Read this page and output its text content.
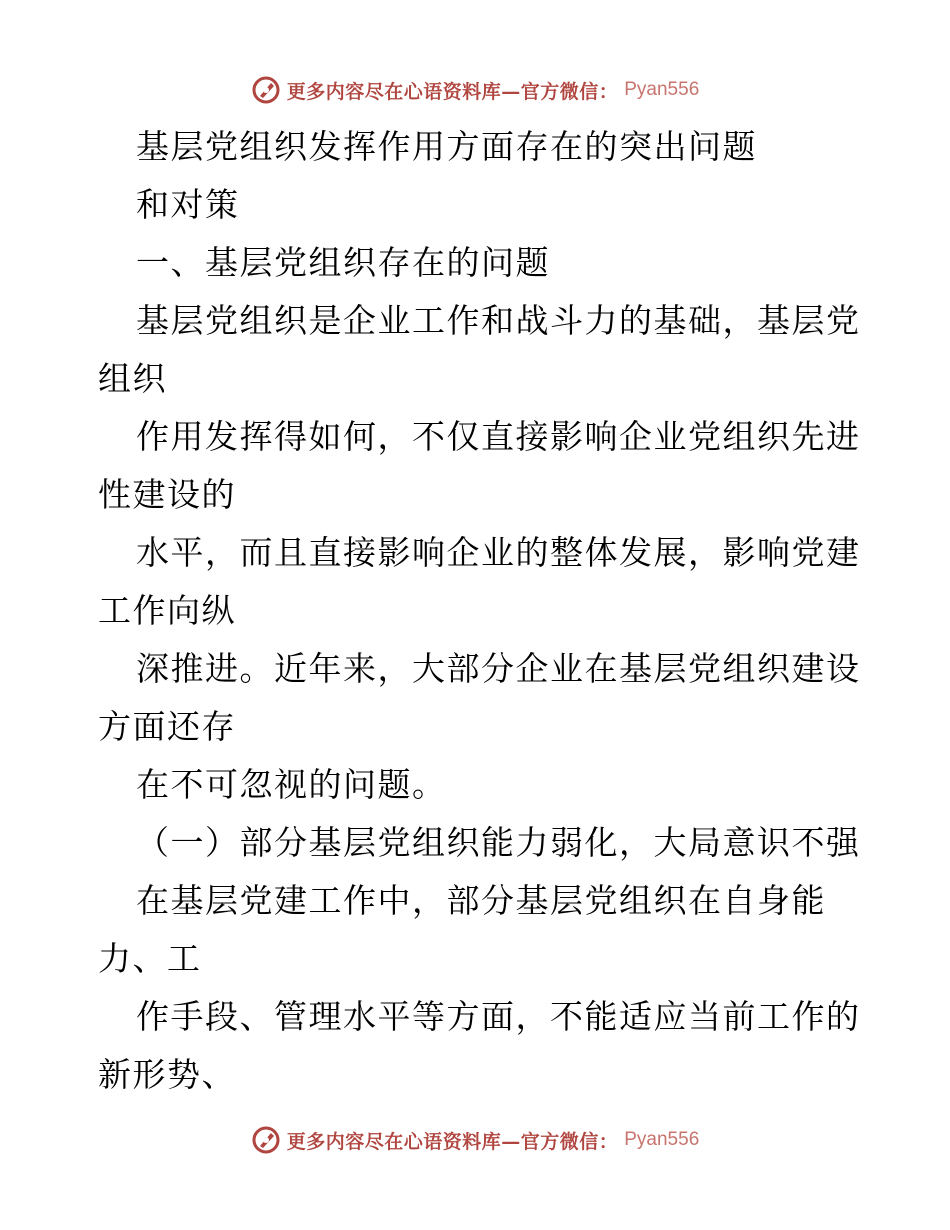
更多内容尽在心语资料库—官方微信： Pyan556
基层党组织发挥作用方面存在的突出问题
和对策
一、基层党组织存在的问题
基层党组织是企业工作和战斗力的基础，基层党
组织
作用发挥得如何，不仅直接影响企业党组织先进
性建设的
水平，而且直接影响企业的整体发展，影响党建
工作向纵
深推进。近年来，大部分企业在基层党组织建设
方面还存
在不可忽视的问题。
（一）部分基层党组织能力弱化，大局意识不强
在基层党建工作中，部分基层党组织在自身能
力、工
作手段、管理水平等方面，不能适应当前工作的
新形势、
更多内容尽在心语资料库—官方微信： Pyan556
